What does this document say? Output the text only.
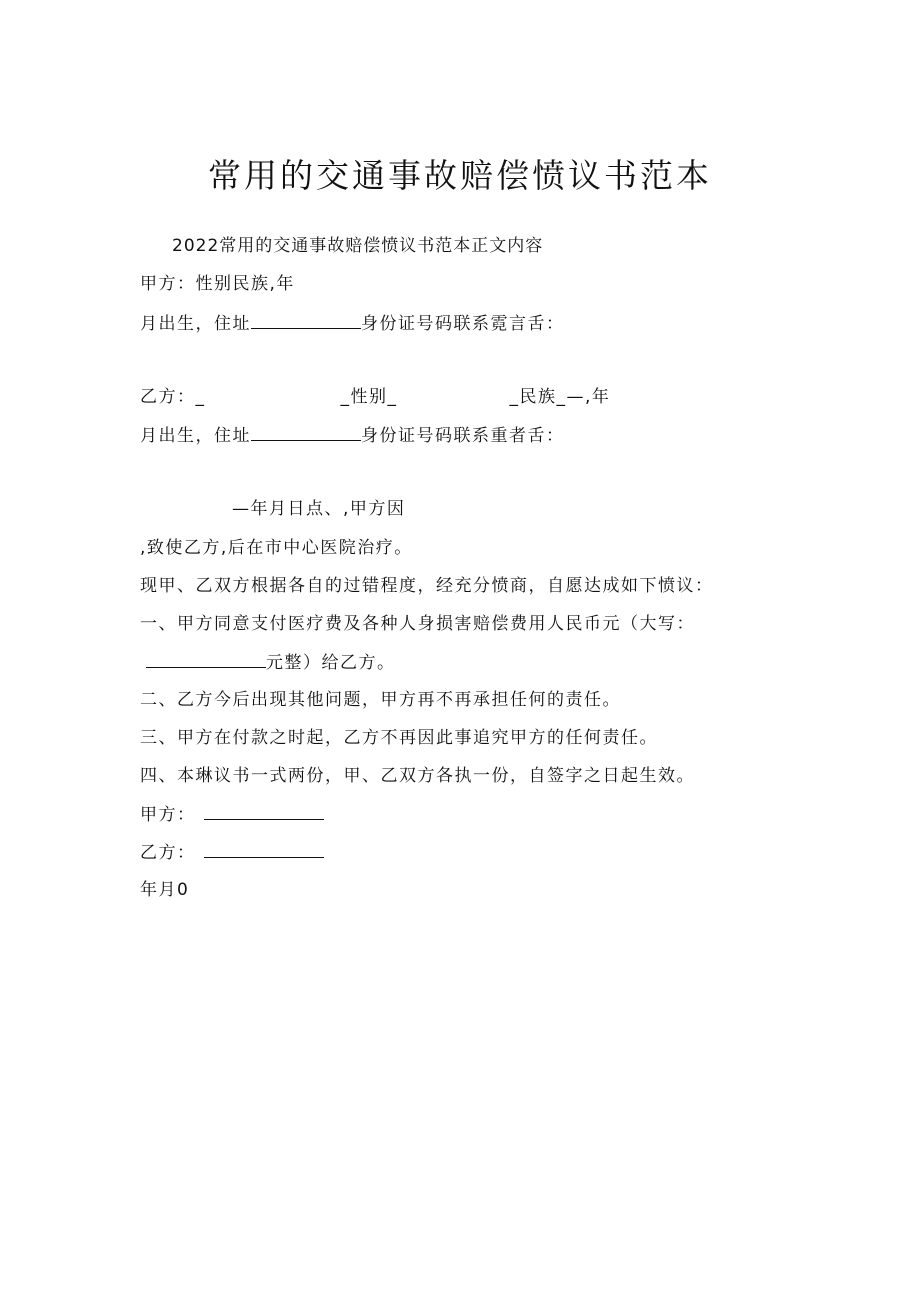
常用的交通事故赔偿愤议书范本
2022常用的交通事故赔偿愤议书范本正文内容
甲方：性别民族,年
月出生，住址	身份证号码联系霓言舌：
乙方：_	_性别_	_民族_—,年
月出生，住址	身份证号码联系重者舌：
—年月日点、,甲方因
,致使乙方,后在市中心医院治疗。
现甲、乙双方根据各自的过错程度，经充分愤商，自愿达成如下愤议：
一、甲方同意支付医疗费及各种人身损害赔偿费用人民币元（大写：
元整）给乙方。
二、乙方今后出现其他问题，甲方再不再承担任何的责任。
三、甲方在付款之时起，乙方不再因此事追究甲方的任何责任。
四、本琳议书一式两份，甲、乙双方各执一份，自签字之日起生效。
甲方：
乙方：
年月0
